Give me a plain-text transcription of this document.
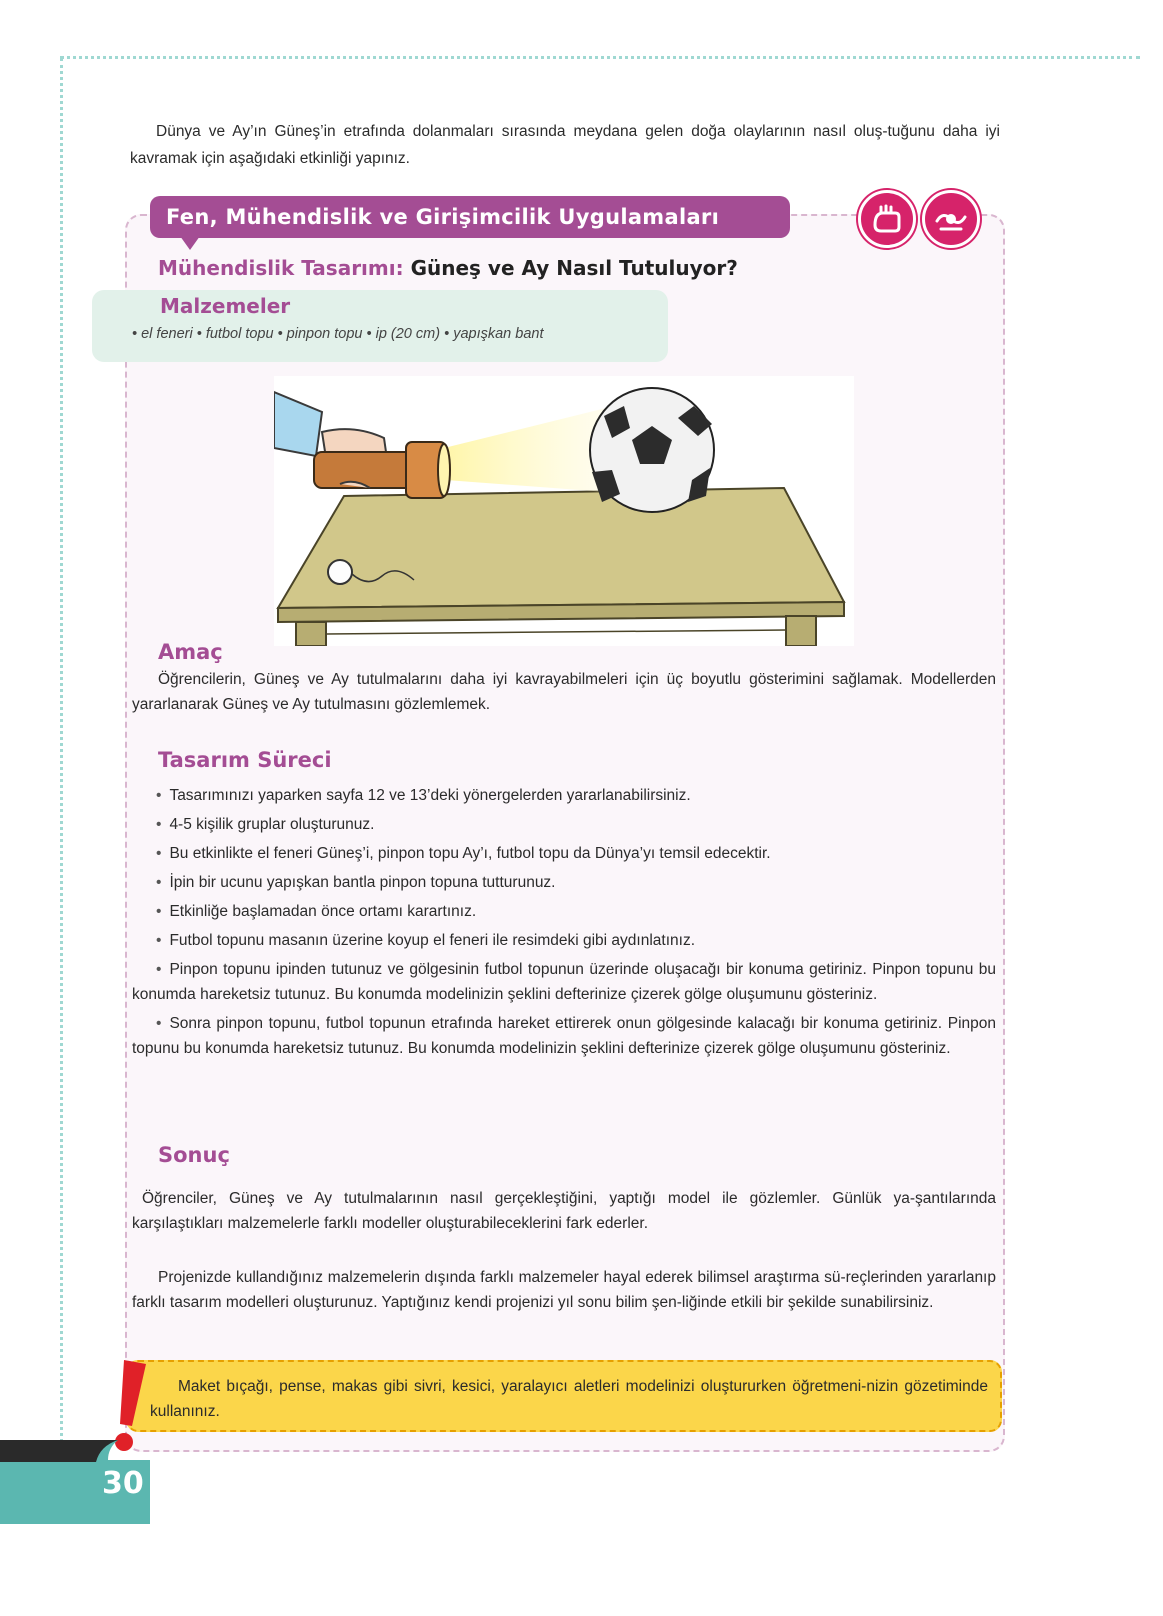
Dünya ve Ay’ın Güneş’in etrafında dolanmaları sırasında meydana gelen doğa olaylarının nasıl oluş-tuğunu daha iyi kavramak için aşağıdaki etkinliği yapınız.

Fen, Mühendislik ve Girişimcilik Uygulamaları
Mühendislik Tasarımı: Güneş ve Ay Nasıl Tutuluyor?
Malzemeler

• el feneri • futbol topu • pinpon topu • ip (20 cm) • yapışkan bant

Amaç

Öğrencilerin, Güneş ve Ay tutulmalarını daha iyi kavrayabilmeleri için üç boyutlu gösterimini sağlamak. Modellerden yararlanarak Güneş ve Ay tutulmasını gözlemlemek.

Tasarım Süreci
• Tasarımınızı yaparken sayfa 12 ve 13’deki yönergelerden yararlanabilirsiniz.
• 4-5 kişilik gruplar oluşturunuz.
• Bu etkinlikte el feneri Güneş’i, pinpon topu Ay’ı, futbol topu da Dünya’yı temsil edecektir.
• İpin bir ucunu yapışkan bantla pinpon topuna tutturunuz.
• Etkinliğe başlamadan önce ortamı karartınız.
• Futbol topunu masanın üzerine koyup el feneri ile resimdeki gibi aydınlatınız.
• Pinpon topunu ipinden tutunuz ve gölgesinin futbol topunun üzerinde oluşacağı bir konuma getiriniz. Pinpon topunu bu konumda hareketsiz tutunuz. Bu konumda modelinizin şeklini defterinize çizerek gölge oluşumunu gösteriniz.
• Sonra pinpon topunu, futbol topunun etrafında hareket ettirerek onun gölgesinde kalacağı bir konuma getiriniz. Pinpon topunu bu konumda hareketsiz tutunuz. Bu konumda modelinizin şeklini defterinize çizerek gölge oluşumunu gösteriniz.
Sonuç

Öğrenciler, Güneş ve Ay tutulmalarının nasıl gerçekleştiğini, yaptığı model ile gözlemler. Günlük ya-şantılarında karşılaştıkları malzemelerle farklı modeller oluşturabileceklerini fark ederler.

Projenizde kullandığınız malzemelerin dışında farklı malzemeler hayal ederek bilimsel araştırma sü-reçlerinden yararlanıp farklı tasarım modelleri oluşturunuz. Yaptığınız kendi projenizi yıl sonu bilim şen-liğinde etkili bir şekilde sunabilirsiniz.

Maket bıçağı, pense, makas gibi sivri, kesici, yaralayıcı aletleri modelinizi oluştururken öğretmeni-nizin gözetiminde kullanınız.

30
